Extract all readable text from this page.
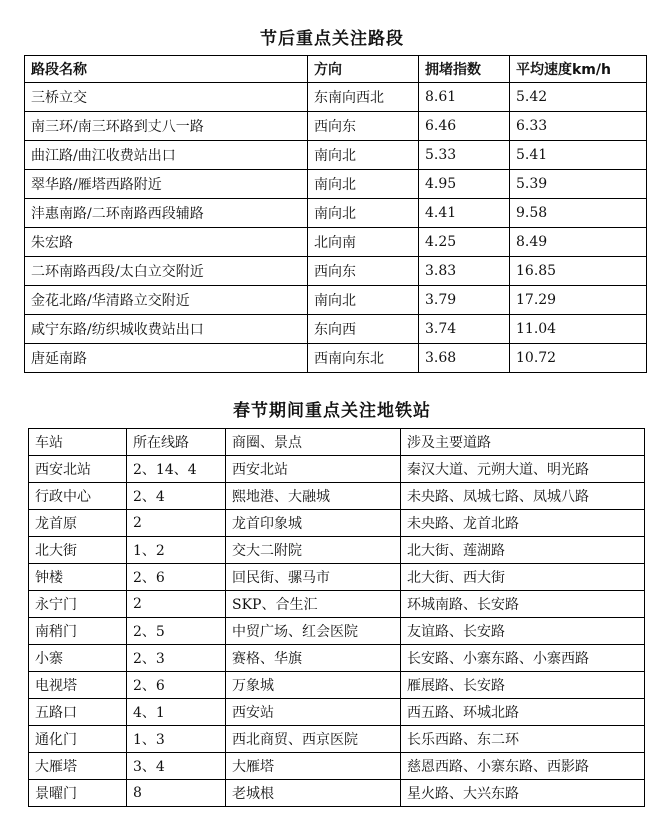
节后重点关注路段
路段名称	方向	拥堵指数	平均速度km/h
三桥立交	东南向西北	8.61	5.42
南三环/南三环路到丈八一路	西向东	6.46	6.33
曲江路/曲江收费站出口	南向北	5.33	5.41
翠华路/雁塔西路附近	南向北	4.95	5.39
沣惠南路/二环南路西段辅路	南向北	4.41	9.58
朱宏路	北向南	4.25	8.49
二环南路西段/太白立交附近	西向东	3.83	16.85
金花北路/华清路立交附近	南向北	3.79	17.29
咸宁东路/纺织城收费站出口	东向西	3.74	11.04
唐延南路	西南向东北	3.68	10.72
春节期间重点关注地铁站
车站	所在线路	商圈、景点	涉及主要道路
西安北站	2、14、4	西安北站	秦汉大道、元朔大道、明光路
行政中心	2、4	熙地港、大融城	未央路、凤城七路、凤城八路
龙首原	2	龙首印象城	未央路、龙首北路
北大街	1、2	交大二附院	北大街、莲湖路
钟楼	2、6	回民街、骡马市	北大街、西大街
永宁门	2	SKP、合生汇	环城南路、长安路
南稍门	2、5	中贸广场、红会医院	友谊路、长安路
小寨	2、3	赛格、华旗	长安路、小寨东路、小寨西路
电视塔	2、6	万象城	雁展路、长安路
五路口	4、1	西安站	西五路、环城北路
通化门	1、3	西北商贸、西京医院	长乐西路、东二环
大雁塔	3、4	大雁塔	慈恩西路、小寨东路、西影路
景曜门	8	老城根	星火路、大兴东路
